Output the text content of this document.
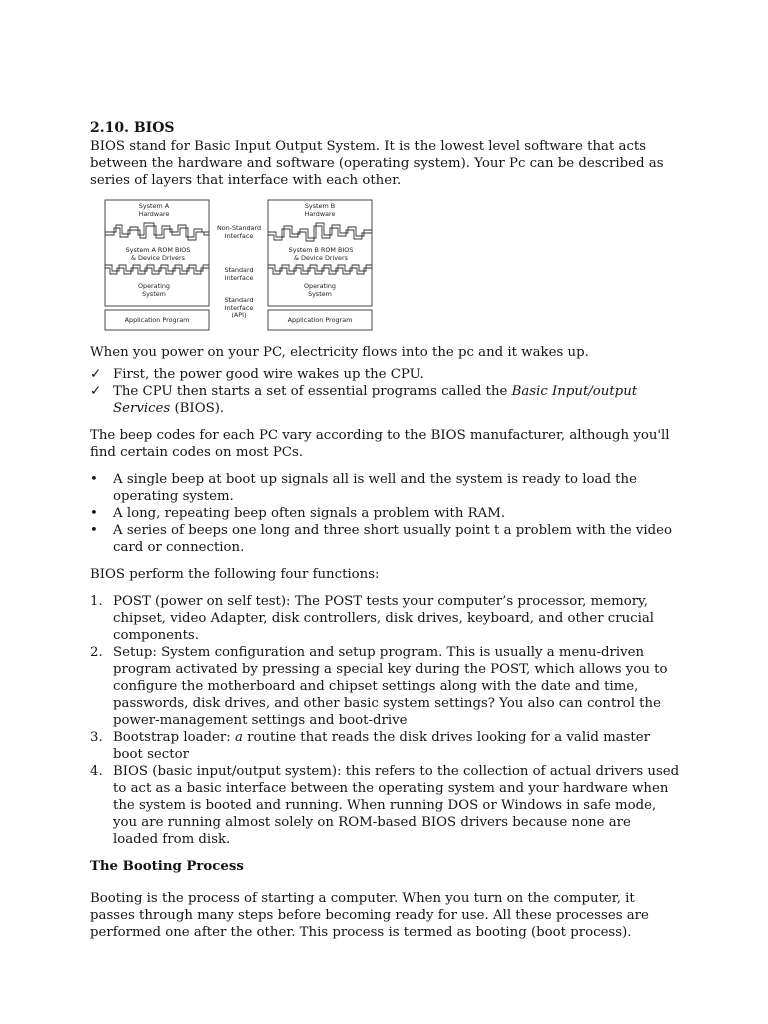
2.10. BIOS

BIOS stand for Basic Input Output System. It is the lowest level software that acts between the hardware and software (operating system). Your Pc can be described as series of layers that interface with each other.

System A
Hardware
System A ROM BIOS
& Device Drivers
Operating
System
Application Program
Non-Standard
Interface
Standard
Interface
Standard
Interface
(API)
System B
Hardware
System B ROM BIOS
& Device Drivers
Operating
System
Application Program

When you power on your PC, electricity flows into the pc and it wakes up.

✓ First, the power good wire wakes up the CPU.
✓ The CPU then starts a set of essential programs called the Basic Input/output Services (BIOS).

The beep codes for each PC vary according to the BIOS manufacturer, although you'll find certain codes on most PCs.

•	A single beep at boot up signals all is well and the system is ready to load the operating system.
•	A long, repeating beep often signals a problem with RAM.
•	A series of beeps one long and three short usually point t a problem with the video card or connection.

BIOS perform the following four functions:

1. POST (power on self test): The POST tests your computer’s processor, memory, chipset, video Adapter, disk controllers, disk drives, keyboard, and other crucial components.
2. Setup: System configuration and setup program. This is usually a menu-driven program activated by pressing a special key during the POST, which allows you to configure the motherboard and chipset settings along with the date and time, passwords, disk drives, and other basic system settings? You also can control the power-management settings and boot-drive
3. Bootstrap loader: a routine that reads the disk drives looking for a valid master boot sector
4. BIOS (basic input/output system): this refers to the collection of actual drivers used to act as a basic interface between the operating system and your hardware when the system is booted and running. When running DOS or Windows in safe mode, you are running almost solely on ROM-based BIOS drivers because none are loaded from disk.

The Booting Process

Booting is the process of starting a computer. When you turn on the computer, it passes through many steps before becoming ready for use. All these processes are performed one after the other. This process is termed as booting (boot process).
